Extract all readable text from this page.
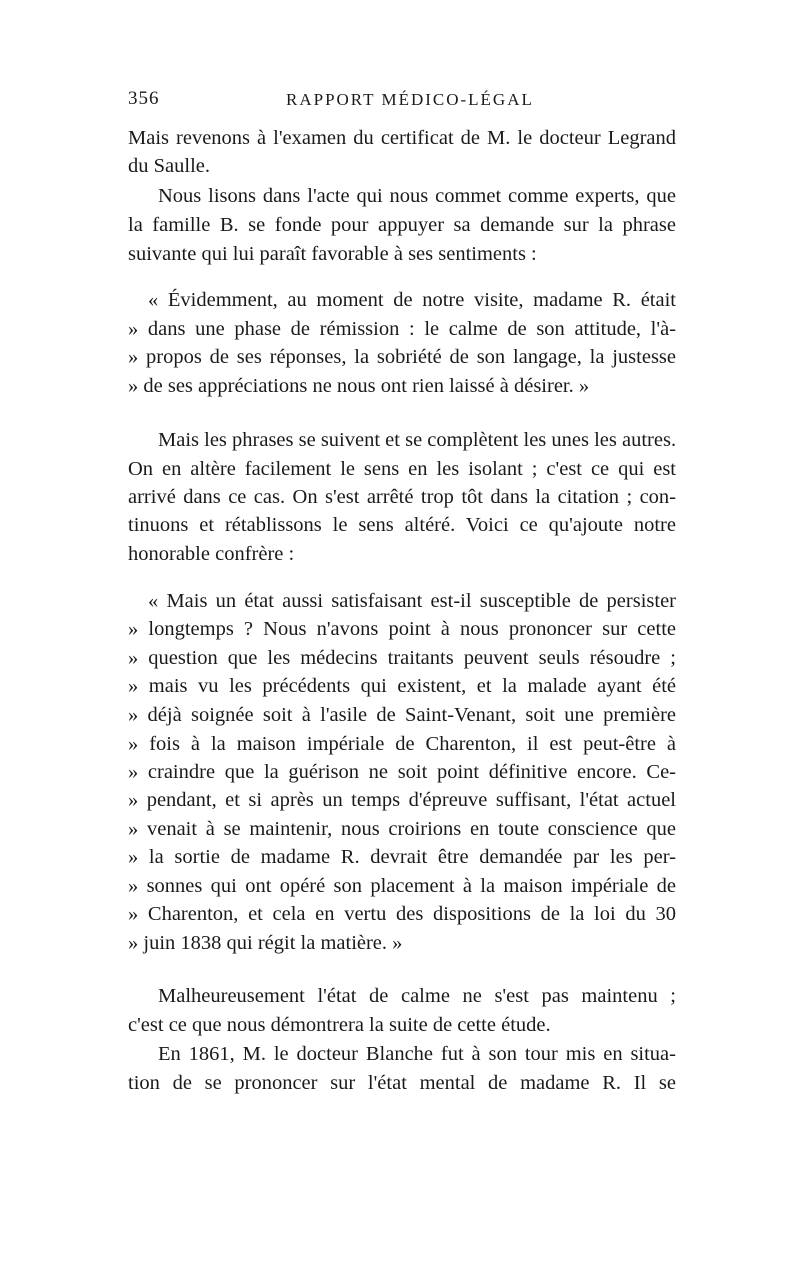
356	RAPPORT MÉDICO-LÉGAL
Mais revenons à l'examen du certificat de M. le docteur Legrand
du Saulle.
Nous lisons dans l'acte qui nous commet comme experts, que
la famille B. se fonde pour appuyer sa demande sur la phrase
suivante qui lui paraît favorable à ses sentiments :
« Évidemment, au moment de notre visite, madame R. était
» dans une phase de rémission : le calme de son attitude, l'à-
» propos de ses réponses, la sobriété de son langage, la justesse
» de ses appréciations ne nous ont rien laissé à désirer. »
Mais les phrases se suivent et se complètent les unes les autres.
On en altère facilement le sens en les isolant ; c'est ce qui est
arrivé dans ce cas. On s'est arrêté trop tôt dans la citation ; con-
tinuons et rétablissons le sens altéré. Voici ce qu'ajoute notre
honorable confrère :
« Mais un état aussi satisfaisant est-il susceptible de persister
» longtemps ? Nous n'avons point à nous prononcer sur cette
» question que les médecins traitants peuvent seuls résoudre ;
» mais vu les précédents qui existent, et la malade ayant été
» déjà soignée soit à l'asile de Saint-Venant, soit une première
» fois à la maison impériale de Charenton, il est peut-être à
» craindre que la guérison ne soit point définitive encore. Ce-
» pendant, et si après un temps d'épreuve suffisant, l'état actuel
» venait à se maintenir, nous croirions en toute conscience que
» la sortie de madame R. devrait être demandée par les per-
» sonnes qui ont opéré son placement à la maison impériale de
» Charenton, et cela en vertu des dispositions de la loi du 30
» juin 1838 qui régit la matière. »
Malheureusement l'état de calme ne s'est pas maintenu ;
c'est ce que nous démontrera la suite de cette étude.
En 1861, M. le docteur Blanche fut à son tour mis en situa-
tion de se prononcer sur l'état mental de madame R. Il se
